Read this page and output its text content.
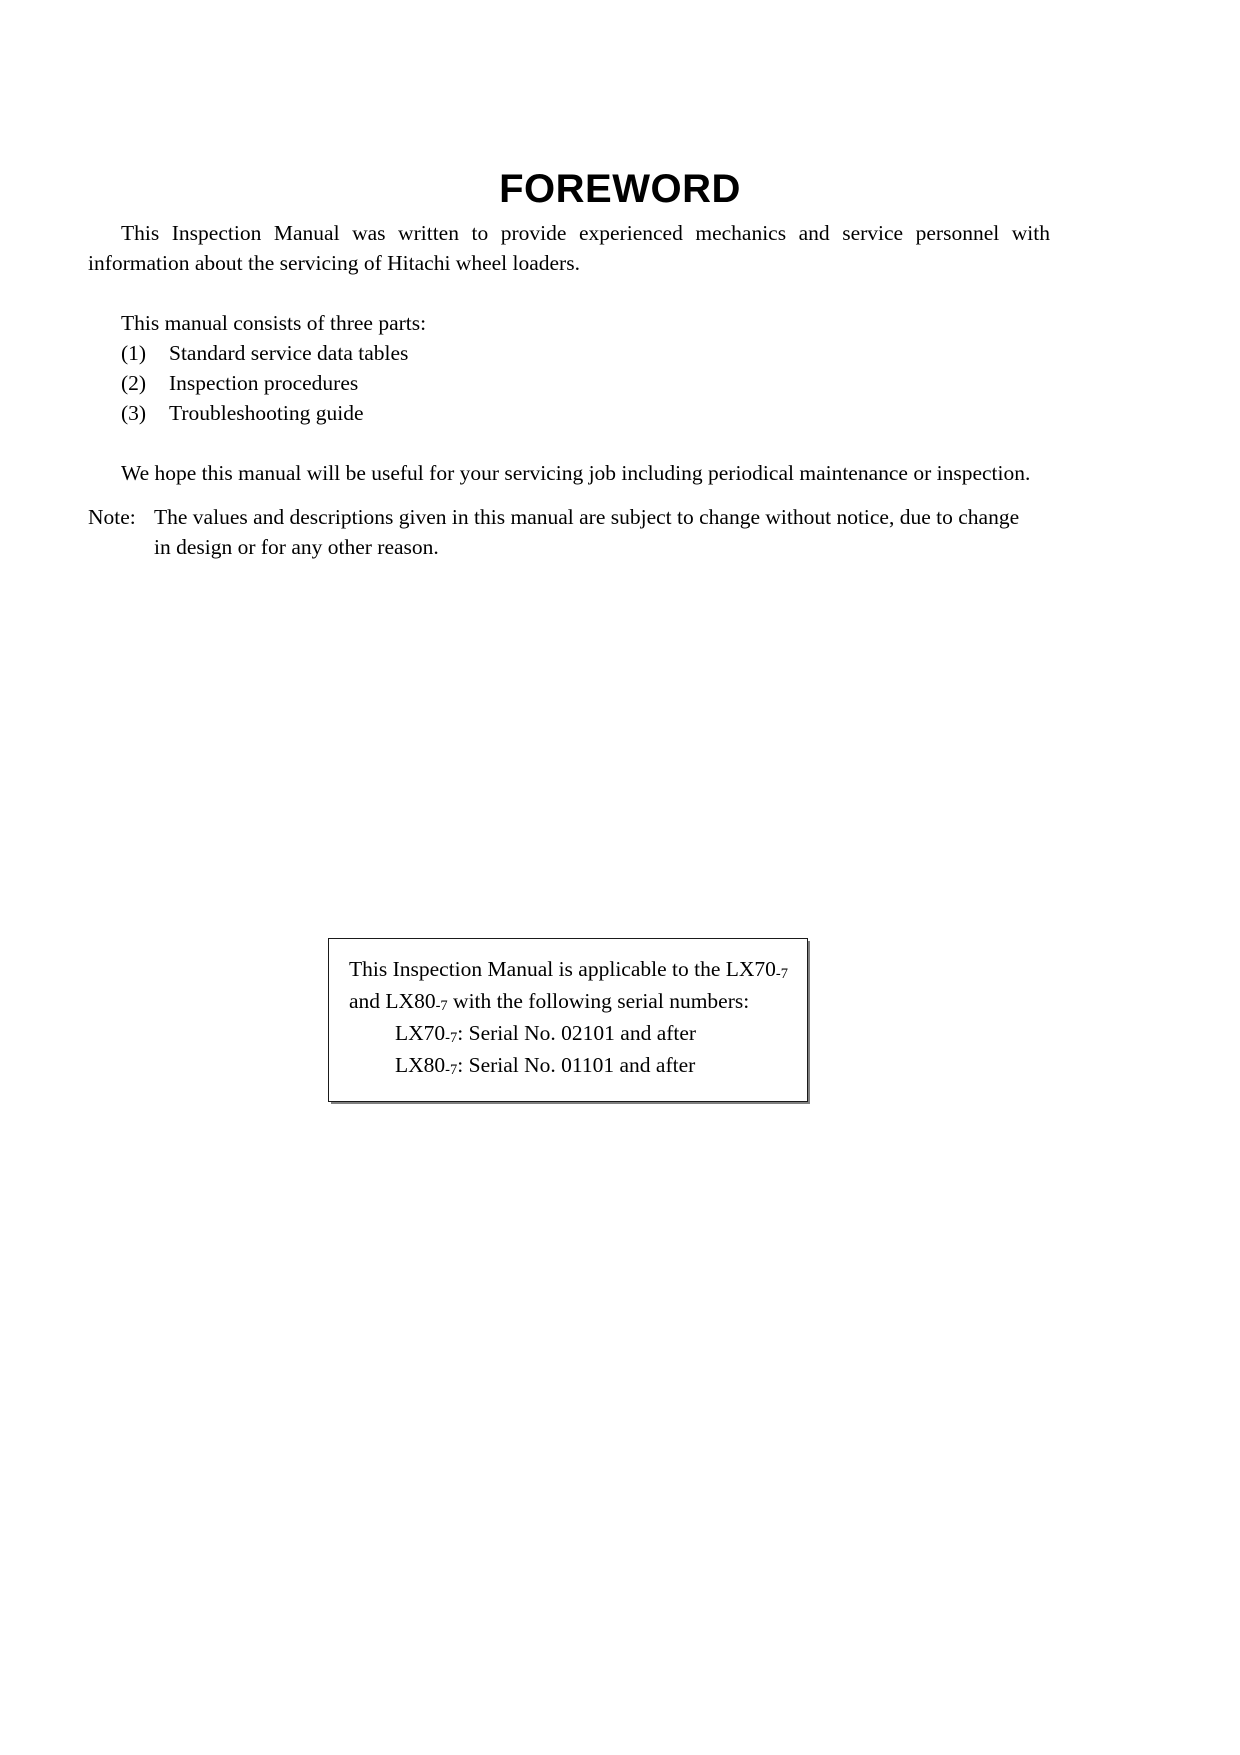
FOREWORD

This Inspection Manual was written to provide experienced mechanics and service personnel with information about the servicing of Hitachi wheel loaders.

This manual consists of three parts:

(1)	Standard service data tables
(2)	Inspection procedures
(3)	Troubleshooting guide

We hope this manual will be useful for your servicing job including periodical maintenance or inspection.

Note: The values and descriptions given in this manual are subject to change without notice, due to change
in design or for any other reason.
This Inspection Manual is applicable to the LX70-7
and LX80-7 with the following serial numbers:
LX70-7: Serial No. 02101 and after
LX80-7: Serial No. 01101 and after
